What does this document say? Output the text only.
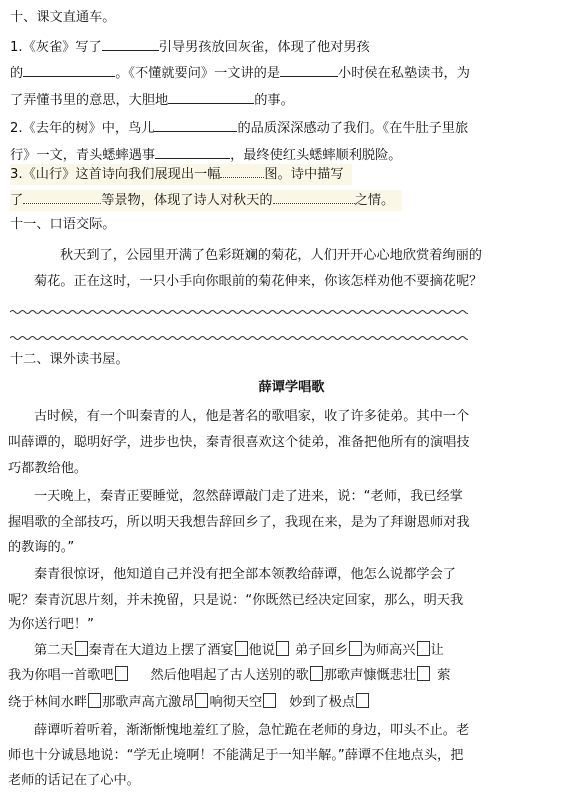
十、课文直通车。
1.《灰雀》写了	引导男孩放回灰雀，体现了他对男孩
的	。《不懂就要问》一文讲的是	小时侯在私塾读书，为
了弄懂书里的意思，大胆地	的事。
2.《去年的树》中，鸟儿	的品质深深感动了我们。《在牛肚子里旅
行》一文，青头蟋蟀遇事	，最终使红头蟋蟀顺利脱险。
3.《山行》这首诗向我们展现出一幅	图。诗中描写
了	等景物，体现了诗人对秋天的	之情。
十一、口语交际。
秋天到了，公园里开满了色彩斑斓的菊花，人们开开心心地欣赏着绚丽的
菊花。正在这时，一只小手向你眼前的菊花伸来，你该怎样劝他不要摘花呢？
十二、课外读书屋。
薛谭学唱歌
古时候，有一个叫秦青的人，他是著名的歌唱家，收了许多徒弟。其中一个
叫薛谭的，聪明好学，进步也快，秦青很喜欢这个徒弟，准备把他所有的演唱技
巧都教给他。
一天晚上，秦青正要睡觉，忽然薛谭敲门走了进来，说：“老师，我已经掌
握唱歌的全部技巧，所以明天我想告辞回乡了，我现在来，是为了拜谢恩师对我
的教诲的。”
秦青很惊讶，他知道自己并没有把全部本领教给薛谭，他怎么说都学会了
呢？秦青沉思片刻，并未挽留，只是说：“你既然已经决定回家，那么，明天我
为你送行吧！”
第二天 秦青在大道边上摆了酒宴 他说 弟子回乡 为师高兴 让
我为你唱一首歌吧	然后他唱起了古人送别的歌 那歌声慷慨悲壮 萦
绕于林间水畔 那歌声高亢激昂 响彻天空 妙到了极点
薛谭听着听着，渐渐惭愧地羞红了脸，急忙跪在老师的身边，叩头不止。老
师也十分诚恳地说：“学无止境啊！不能满足于一知半解。”薛谭不住地点头，把
老师的话记在了心中。
